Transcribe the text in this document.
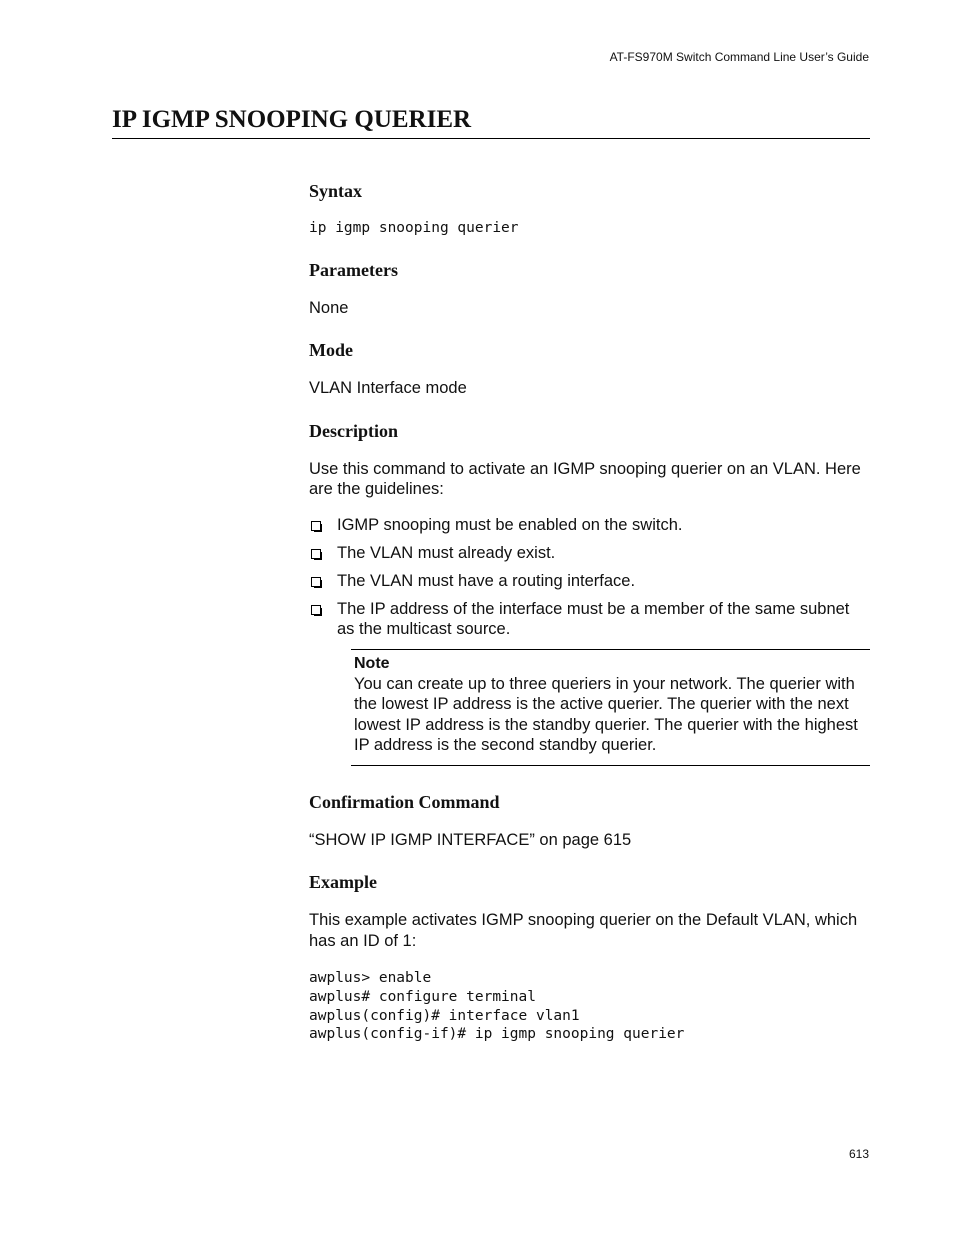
AT-FS970M Switch Command Line User’s Guide
IP IGMP SNOOPING QUERIER
Syntax
ip igmp snooping querier
Parameters

None

Mode

VLAN Interface mode

Description

Use this command to activate an IGMP snooping querier on an VLAN. Here are the guidelines:

IGMP snooping must be enabled on the switch.
The VLAN must already exist.
The VLAN must have a routing interface.
The IP address of the interface must be a member of the same subnet as the multicast source.
Note
You can create up to three queriers in your network. The querier with the lowest IP address is the active querier. The querier with the next lowest IP address is the standby querier. The querier with the highest IP address is the second standby querier.
Confirmation Command

“SHOW IP IGMP INTERFACE” on page 615

Example

This example activates IGMP snooping querier on the Default VLAN, which has an ID of 1:

awplus> enable
awplus# configure terminal
awplus(config)# interface vlan1
awplus(config-if)# ip igmp snooping querier
613
